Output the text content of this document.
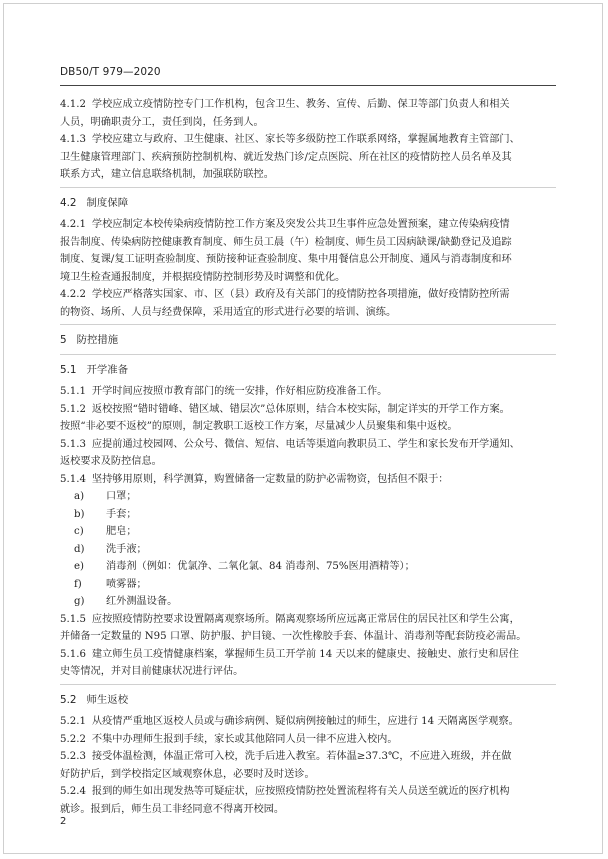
DB50/T 979—2020
4.1.2 学校应成立疫情防控专门工作机构，包含卫生、教务、宣传、后勤、保卫等部门负责人和相关
人员，明确职责分工，责任到岗，任务到人。
4.1.3 学校应建立与政府、卫生健康、社区、家长等多级防控工作联系网络，掌握属地教育主管部门、
卫生健康管理部门、疾病预防控制机构、就近发热门诊/定点医院、所在社区的疫情防控人员名单及其
联系方式，建立信息联络机制，加强联防联控。
4.2 制度保障
4.2.1 学校应制定本校传染病疫情防控工作方案及突发公共卫生事件应急处置预案，建立传染病疫情
报告制度、传染病防控健康教育制度、师生员工晨（午）检制度、师生员工因病缺课/缺勤登记及追踪
制度、复课/复工证明查验制度、预防接种证查验制度、集中用餐信息公开制度、通风与消毒制度和环
境卫生检查通报制度，并根据疫情防控制形势及时调整和优化。
4.2.2 学校应严格落实国家、市、区（县）政府及有关部门的疫情防控各项措施，做好疫情防控所需
的物资、场所、人员与经费保障，采用适宜的形式进行必要的培训、演练。
5 防控措施
5.1 开学准备
5.1.1 开学时间应按照市教育部门的统一安排，作好相应防疫准备工作。
5.1.2 返校按照“错时错峰、错区域、错层次”总体原则，结合本校实际，制定详实的开学工作方案。
按照“非必要不返校”的原则，制定教职工返校工作方案，尽量减少人员聚集和集中返校。
5.1.3 应提前通过校园网、公众号、微信、短信、电话等渠道向教职员工、学生和家长发布开学通知、
返校要求及防控信息。
5.1.4 坚持够用原则，科学测算，购置储备一定数量的防护必需物资，包括但不限于：
a) 口罩；
b) 手套；
c) 肥皂；
d) 洗手液；
e) 消毒剂（例如：优氯净、二氧化氯、84 消毒剂、75%医用酒精等）；
f) 喷雾器；
g) 红外测温设备。
5.1.5 应按照疫情防控要求设置隔离观察场所。隔离观察场所应远离正常居住的居民社区和学生公寓，
并储备一定数量的 N95 口罩、防护服、护目镜、一次性橡胶手套、体温计、消毒剂等配套防疫必需品。
5.1.6 建立师生员工疫情健康档案，掌握师生员工开学前 14 天以来的健康史、接触史、旅行史和居住
史等情况，并对目前健康状况进行评估。
5.2 师生返校
5.2.1 从疫情严重地区返校人员或与确诊病例、疑似病例接触过的师生，应进行 14 天隔离医学观察。
5.2.2 不集中办理师生报到手续，家长或其他陪同人员一律不应进入校内。
5.2.3 接受体温检测，体温正常可入校，洗手后进入教室。若体温≥37.3℃，不应进入班级，并在做
好防护后，到学校指定区域观察休息，必要时及时送诊。
5.2.4 报到的师生如出现发热等可疑症状，应按照疫情防控处置流程将有关人员送至就近的医疗机构
就诊。报到后，师生员工非经同意不得离开校园。
2
